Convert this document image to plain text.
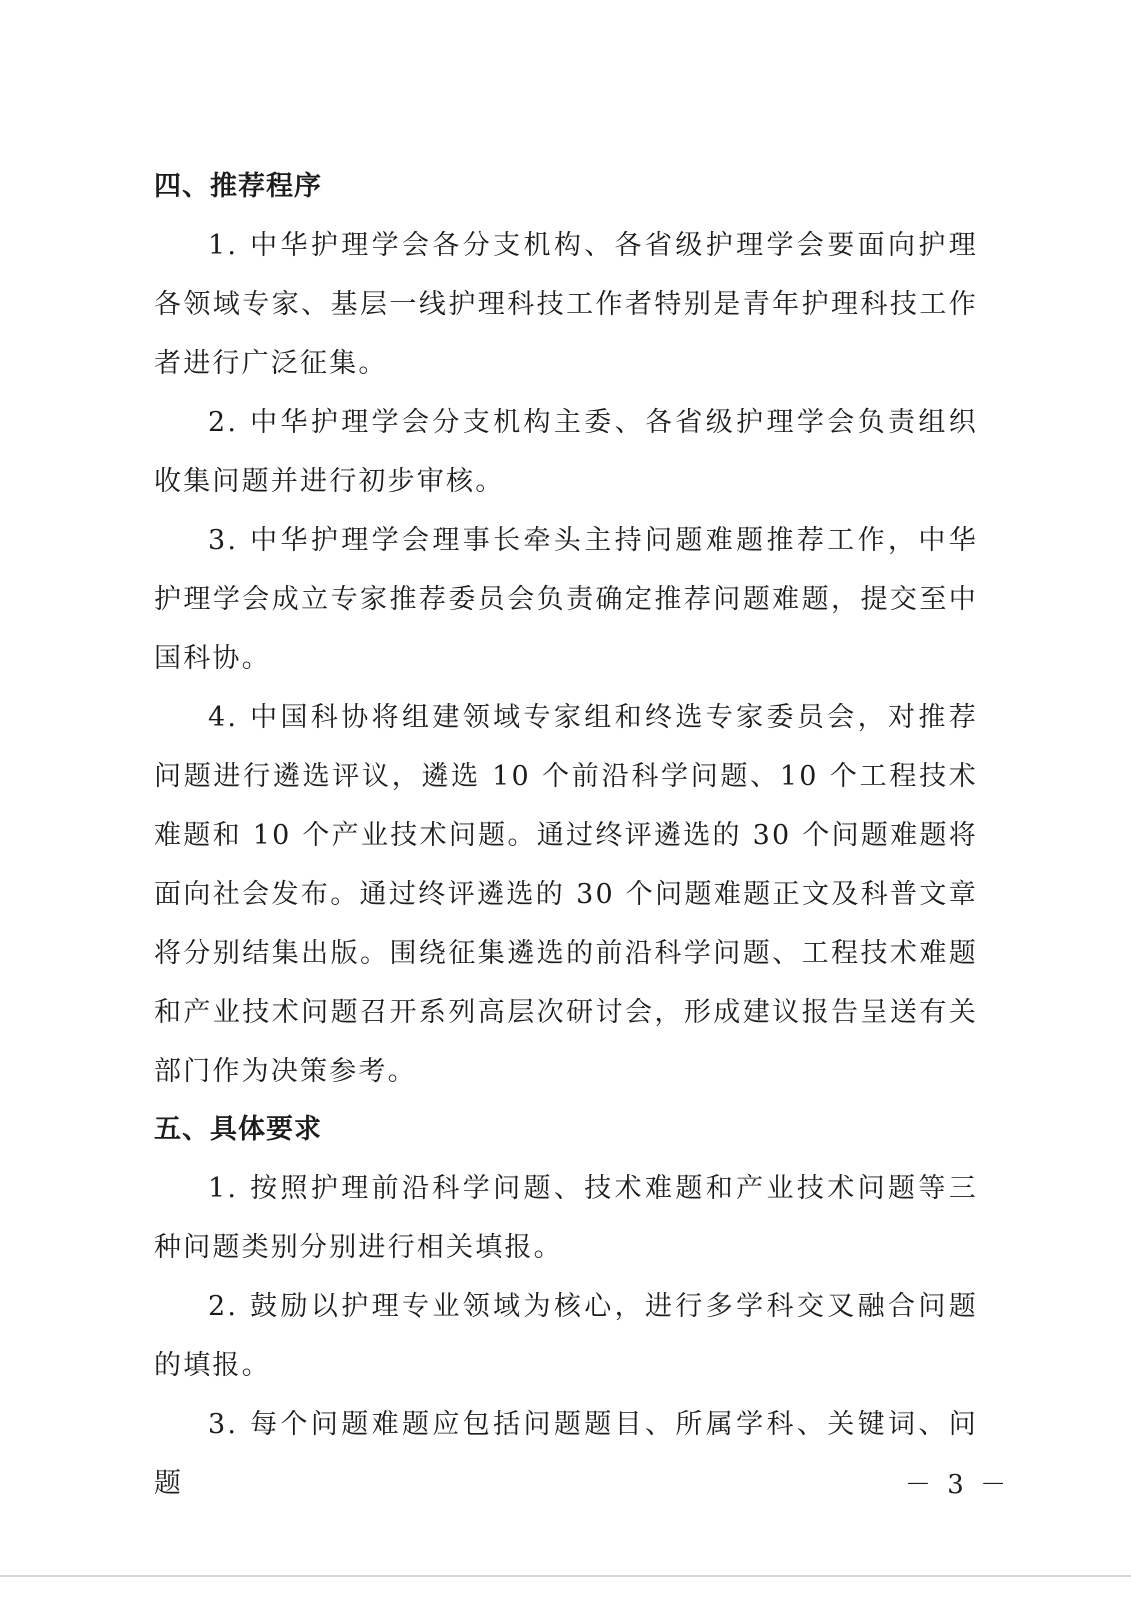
四、推荐程序

1. 中华护理学会各分支机构、各省级护理学会要面向护理各领域专家、基层一线护理科技工作者特别是青年护理科技工作者进行广泛征集。

2. 中华护理学会分支机构主委、各省级护理学会负责组织收集问题并进行初步审核。

3. 中华护理学会理事长牵头主持问题难题推荐工作，中华护理学会成立专家推荐委员会负责确定推荐问题难题，提交至中国科协。

4. 中国科协将组建领域专家组和终选专家委员会，对推荐问题进行遴选评议，遴选 10 个前沿科学问题、10 个工程技术难题和 10 个产业技术问题。通过终评遴选的 30 个问题难题将面向社会发布。通过终评遴选的 30 个问题难题正文及科普文章将分别结集出版。围绕征集遴选的前沿科学问题、工程技术难题和产业技术问题召开系列高层次研讨会，形成建议报告呈送有关部门作为决策参考。

五、具体要求

1. 按照护理前沿科学问题、技术难题和产业技术问题等三种问题类别分别进行相关填报。

2. 鼓励以护理专业领域为核心，进行多学科交叉融合问题的填报。

3. 每个问题难题应包括问题题目、所属学科、关键词、问题	－ 3 －
